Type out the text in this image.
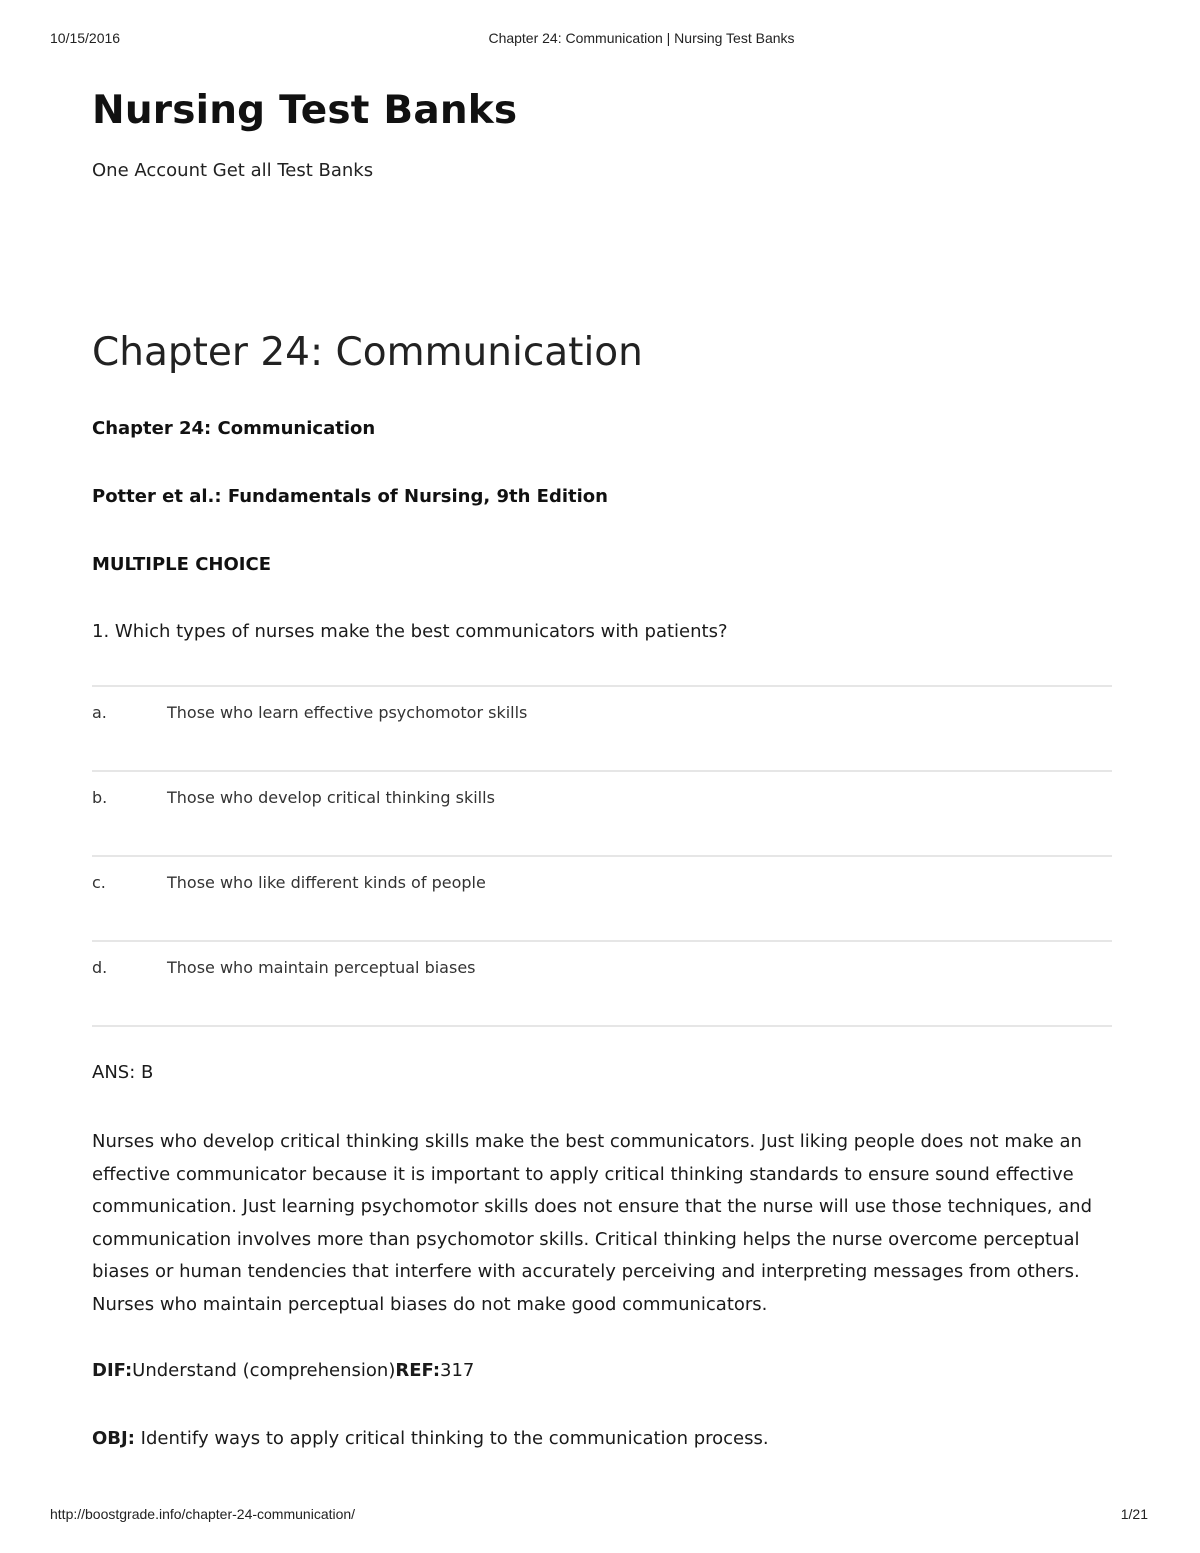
10/15/2016	Chapter 24: Communication | Nursing Test Banks
Nursing Test Banks
One Account Get all Test Banks
Chapter 24: Communication
Chapter 24: Communication
Potter et al.: Fundamentals of Nursing, 9th Edition
MULTIPLE CHOICE
1. Which types of nurses make the best communicators with patients?
a.	Those who learn effective psychomotor skills
b.	Those who develop critical thinking skills
c.	Those who like different kinds of people
d.	Those who maintain perceptual biases
ANS: B

Nurses who develop critical thinking skills make the best communicators. Just liking people does not make an effective communicator because it is important to apply critical thinking standards to ensure sound effective communication. Just learning psychomotor skills does not ensure that the nurse will use those techniques, and communication involves more than psychomotor skills. Critical thinking helps the nurse overcome perceptual biases or human tendencies that interfere with accurately perceiving and interpreting messages from others. Nurses who maintain perceptual biases do not make good communicators.

DIF:Understand (comprehension)REF:317
OBJ: Identify ways to apply critical thinking to the communication process.
http://boostgrade.info/chapter-24-communication/	1/21
